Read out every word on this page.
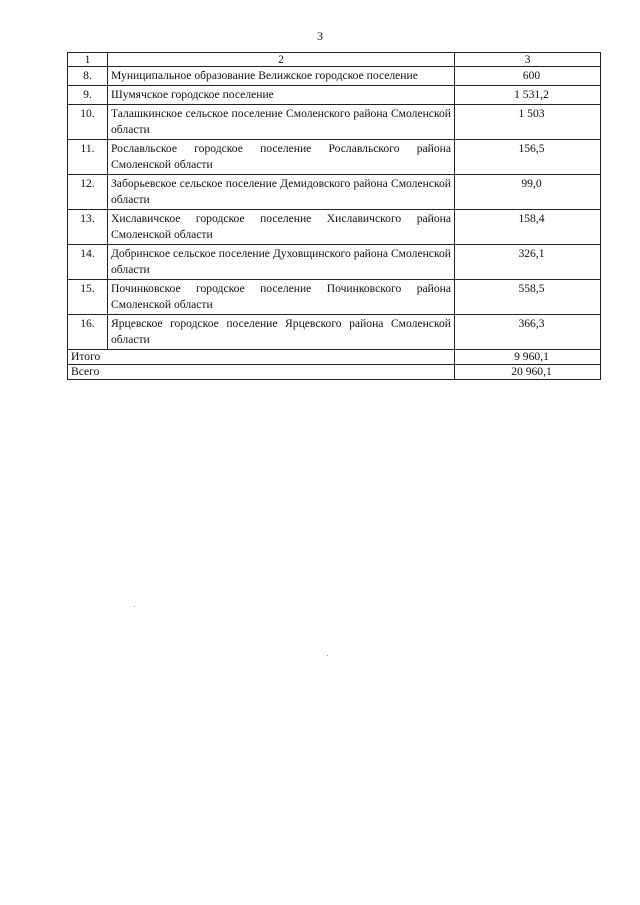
3
1	2	3
8.	Муниципальное образование Велижское городское поселение	600
9.	Шумячское городское поселение	1 531,2
10.	Талашкинское сельское поселение Смоленского района Смоленской области	1 503
11.	Рославльское городское поселение Рославльского района Смоленской области	156,5
12.	Заборьевское сельское поселение Демидовского района Смоленской области	99,0
13.	Хиславичское городское поселение Хиславичского района Смоленской области	158,4
14.	Добринское сельское поселение Духовщинского района Смоленской области	326,1
15.	Починковское городское поселение Починковского района Смоленской области	558,5
16.	Ярцевское городское поселение Ярцевского района Смоленской области	366,3
Итого		9 960,1
Всего		20 960,1
